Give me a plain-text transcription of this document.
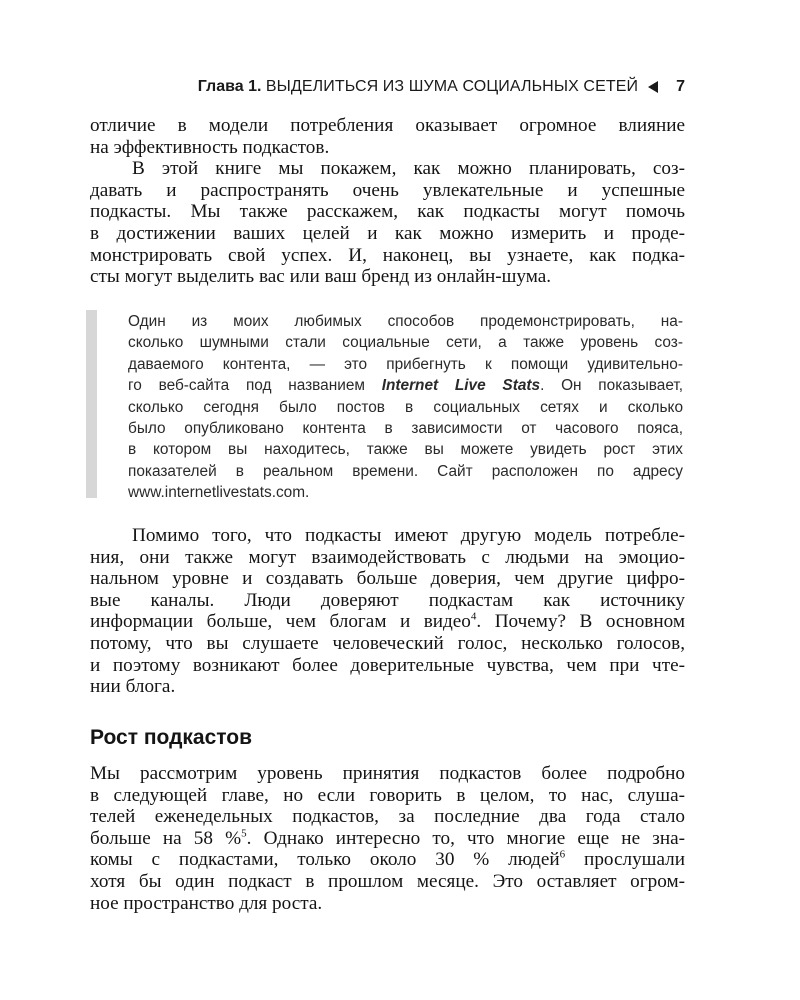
Глава 1.
ВЫДЕЛИТЬСЯ ИЗ ШУМА СОЦИАЛЬНЫХ СЕТЕЙ 7
отличие в модели потребления оказывает огромное влияние
на эффективность подкастов.
В этой книге мы покажем, как можно планировать, соз-
давать и распространять очень увлекательные и успешные
подкасты. Мы также расскажем, как подкасты могут помочь
в достижении ваших целей и как можно измерить и проде-
монстрировать свой успех. И, наконец, вы узнаете, как подка-
сты могут выделить вас или ваш бренд из онлайн-шума.
Один из моих любимых способов продемонстрировать, на-
сколько шумными стали социальные сети, а также уровень соз-
даваемого контента, — это прибегнуть к помощи удивительно-
го веб-сайта под названием Internet Live Stats. Он показывает,
сколько сегодня было постов в социальных сетях и сколько
было опубликовано контента в зависимости от часового пояса,
в котором вы находитесь, также вы можете увидеть рост этих
показателей в реальном времени. Сайт расположен по адресу
www.internetlivestats.com.
Помимо того, что подкасты имеют другую модель потребле-
ния, они также могут взаимодействовать с людьми на эмоцио-
нальном уровне и создавать больше доверия, чем другие цифро-
вые каналы. Люди доверяют подкастам как источнику
информации больше, чем блогам и видео$^4$. Почему? В основном
потому, что вы слушаете человеческий голос, несколько голосов,
и поэтому возникают более доверительные чувства, чем при чте-
нии блога.
Рост подкастов
Мы рассмотрим уровень принятия подкастов более подробно
в следующей главе, но если говорить в целом, то нас, слуша-
телей еженедельных подкастов, за последние два года стало
больше на 58 %$^5$. Однако интересно то, что многие еще не зна-
комы с подкастами, только около 30 % людей$^6$ прослушали
хотя бы один подкаст в прошлом месяце. Это оставляет огром-
ное пространство для роста.
